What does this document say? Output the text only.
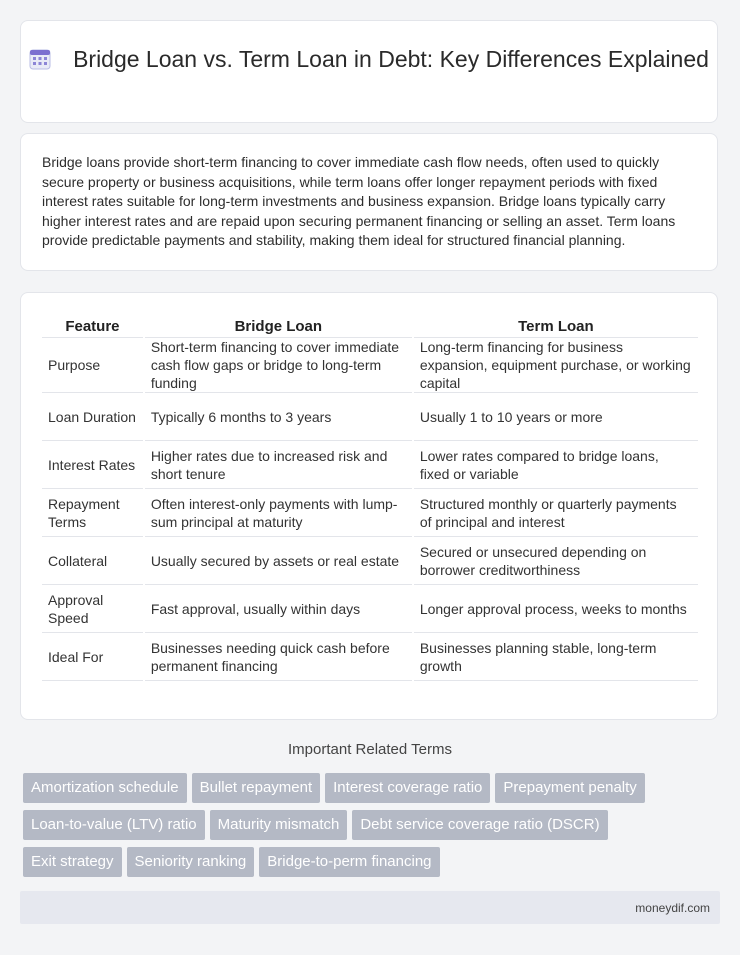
Bridge Loan vs. Term Loan in Debt: Key Differences Explained
Bridge loans provide short-term financing to cover immediate cash flow needs, often used to quickly secure property or business acquisitions, while term loans offer longer repayment periods with fixed interest rates suitable for long-term investments and business expansion. Bridge loans typically carry higher interest rates and are repaid upon securing permanent financing or selling an asset. Term loans provide predictable payments and stability, making them ideal for structured financial planning.
Feature	Bridge Loan	Term Loan
Purpose	Short-term financing to cover immediate cash flow gaps or bridge to long-term funding	Long-term financing for business expansion, equipment purchase, or working capital
Loan Duration	Typically 6 months to 3 years	Usually 1 to 10 years or more
Interest Rates	Higher rates due to increased risk and short tenure	Lower rates compared to bridge loans, fixed or variable
Repayment Terms	Often interest-only payments with lump-sum principal at maturity	Structured monthly or quarterly payments of principal and interest
Collateral	Usually secured by assets or real estate	Secured or unsecured depending on borrower creditworthiness
Approval Speed	Fast approval, usually within days	Longer approval process, weeks to months
Ideal For	Businesses needing quick cash before permanent financing	Businesses planning stable, long-term growth
Important Related Terms
Amortization schedule Bullet repayment Interest coverage ratio Prepayment penalty
Loan-to-value (LTV) ratio Maturity mismatch Debt service coverage ratio (DSCR)
Exit strategy Seniority ranking Bridge-to-perm financing
moneydif.com
